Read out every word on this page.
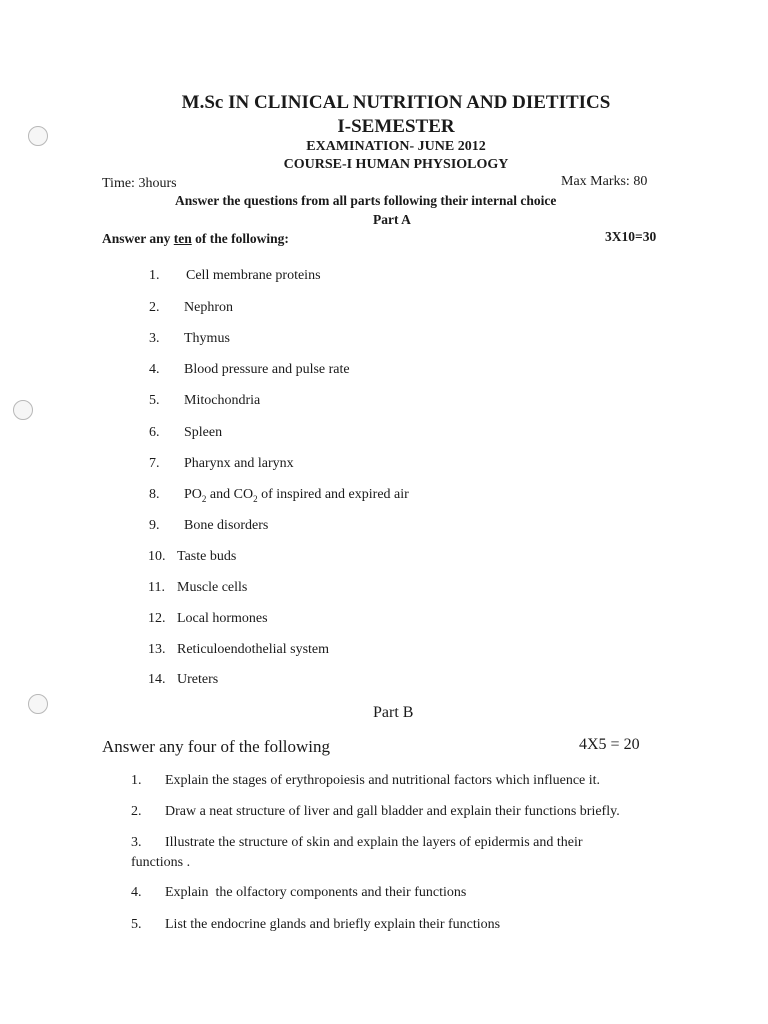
M.Sc IN CLINICAL NUTRITION AND DIETITICS
I-SEMESTER
EXAMINATION- JUNE 2012
COURSE-I HUMAN PHYSIOLOGY
Time: 3hours	Max Marks: 80
Answer the questions from all parts following their internal choice
Part A
Answer any ten of the following:	3X10=30
1. Cell membrane proteins
2. Nephron
3. Thymus
4. Blood pressure and pulse rate
5. Mitochondria
6. Spleen
7. Pharynx and larynx
8. $PO_2$ and $CO_2$ of inspired and expired air
9. Bone disorders
10. Taste buds
11. Muscle cells
12. Local hormones
13. Reticuloendothelial system
14. Ureters
Part B
Answer any four of the following	4X5 = 20
1. Explain the stages of erythropoiesis and nutritional factors which influence it.
2. Draw a neat structure of liver and gall bladder and explain their functions briefly.
3. Illustrate the structure of skin and explain the layers of epidermis and their
functions .
4. Explain  the olfactory components and their functions
5. List the endocrine glands and briefly explain their functions
